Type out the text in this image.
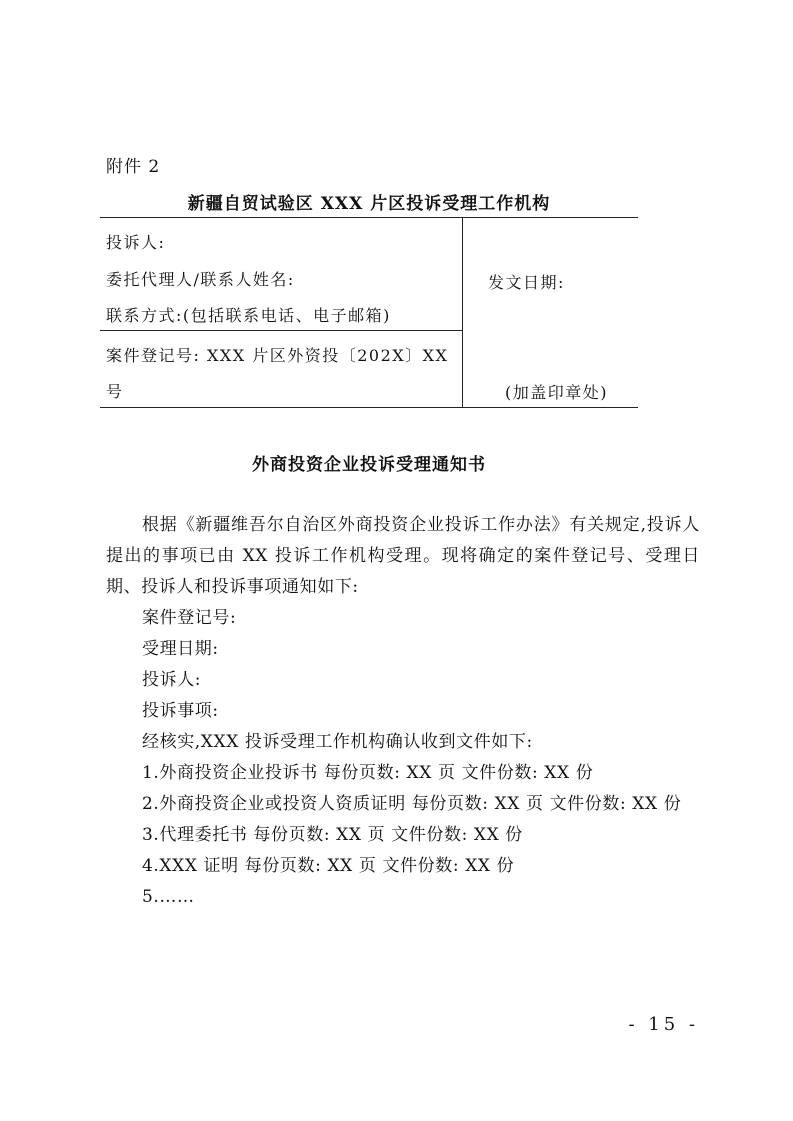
附件 2
新疆自贸试验区 XXX 片区投诉受理工作机构
投诉人:
委托代理人/联系人姓名:
联系方式:(包括联系电话、电子邮箱)
案件登记号: XXX 片区外资投〔202X〕XX
号
发文日期:
(加盖印章处)
外商投资企业投诉受理通知书

根据《新疆维吾尔自治区外商投资企业投诉工作办法》有关规定,投诉人提出的事项已由 XX 投诉工作机构受理。现将确定的案件登记号、受理日期、投诉人和投诉事项通知如下:

案件登记号:

受理日期:

投诉人:

投诉事项:

经核实,XXX 投诉受理工作机构确认收到文件如下:

1.外商投资企业投诉书 每份页数: XX 页 文件份数: XX 份

2.外商投资企业或投资人资质证明 每份页数: XX 页 文件份数: XX 份

3.代理委托书 每份页数: XX 页 文件份数: XX 份

4.XXX 证明 每份页数: XX 页 文件份数: XX 份

5.……

- 15 -
